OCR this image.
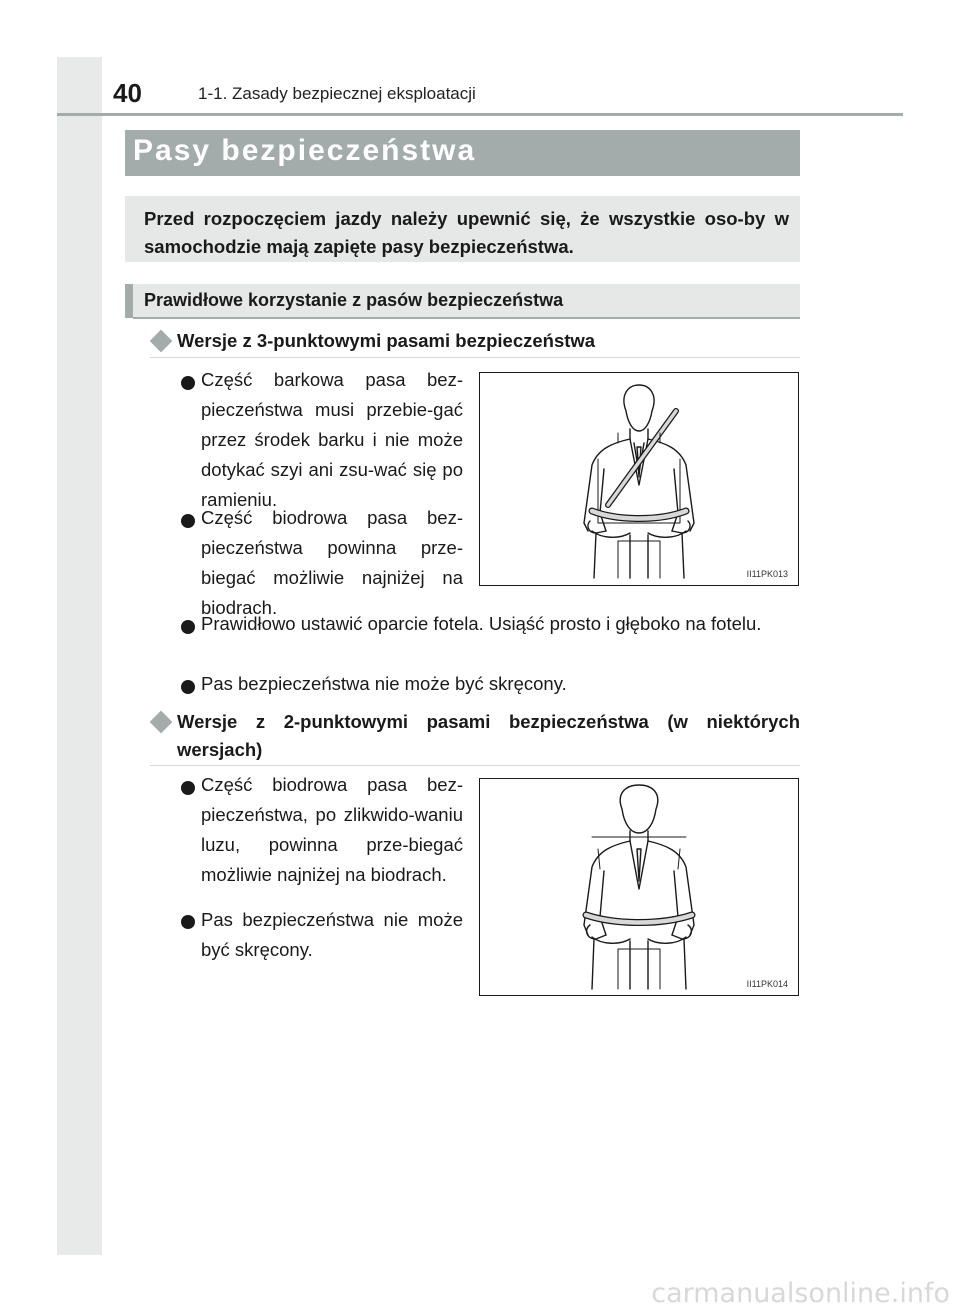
40	1-1. Zasady bezpiecznej eksploatacji
Pasy bezpieczeństwa
Przed rozpoczęciem jazdy należy upewnić się, że wszystkie oso-by w samochodzie mają zapięte pasy bezpieczeństwa.
Prawidłowe korzystanie z pasów bezpieczeństwa
Wersje z 3-punktowymi pasami bezpieczeństwa
Część barkowa pasa bez-pieczeństwa musi przebie-gać przez środek barku i nie może dotykać szyi ani zsu-wać się po ramieniu.
Część biodrowa pasa bez-pieczeństwa powinna prze-biegać możliwie najniżej na biodrach.
Prawidłowo ustawić oparcie fotela. Usiąść prosto i głęboko na fotelu.
Pas bezpieczeństwa nie może być skręcony.
II11PK013
Wersje z 2-punktowymi pasami bezpieczeństwa (w niektórych wersjach)
Część biodrowa pasa bez-pieczeństwa, po zlikwido-waniu luzu, powinna prze-biegać możliwie najniżej na biodrach.
Pas bezpieczeństwa nie może być skręcony.
II11PK014
carmanualsonline.info
